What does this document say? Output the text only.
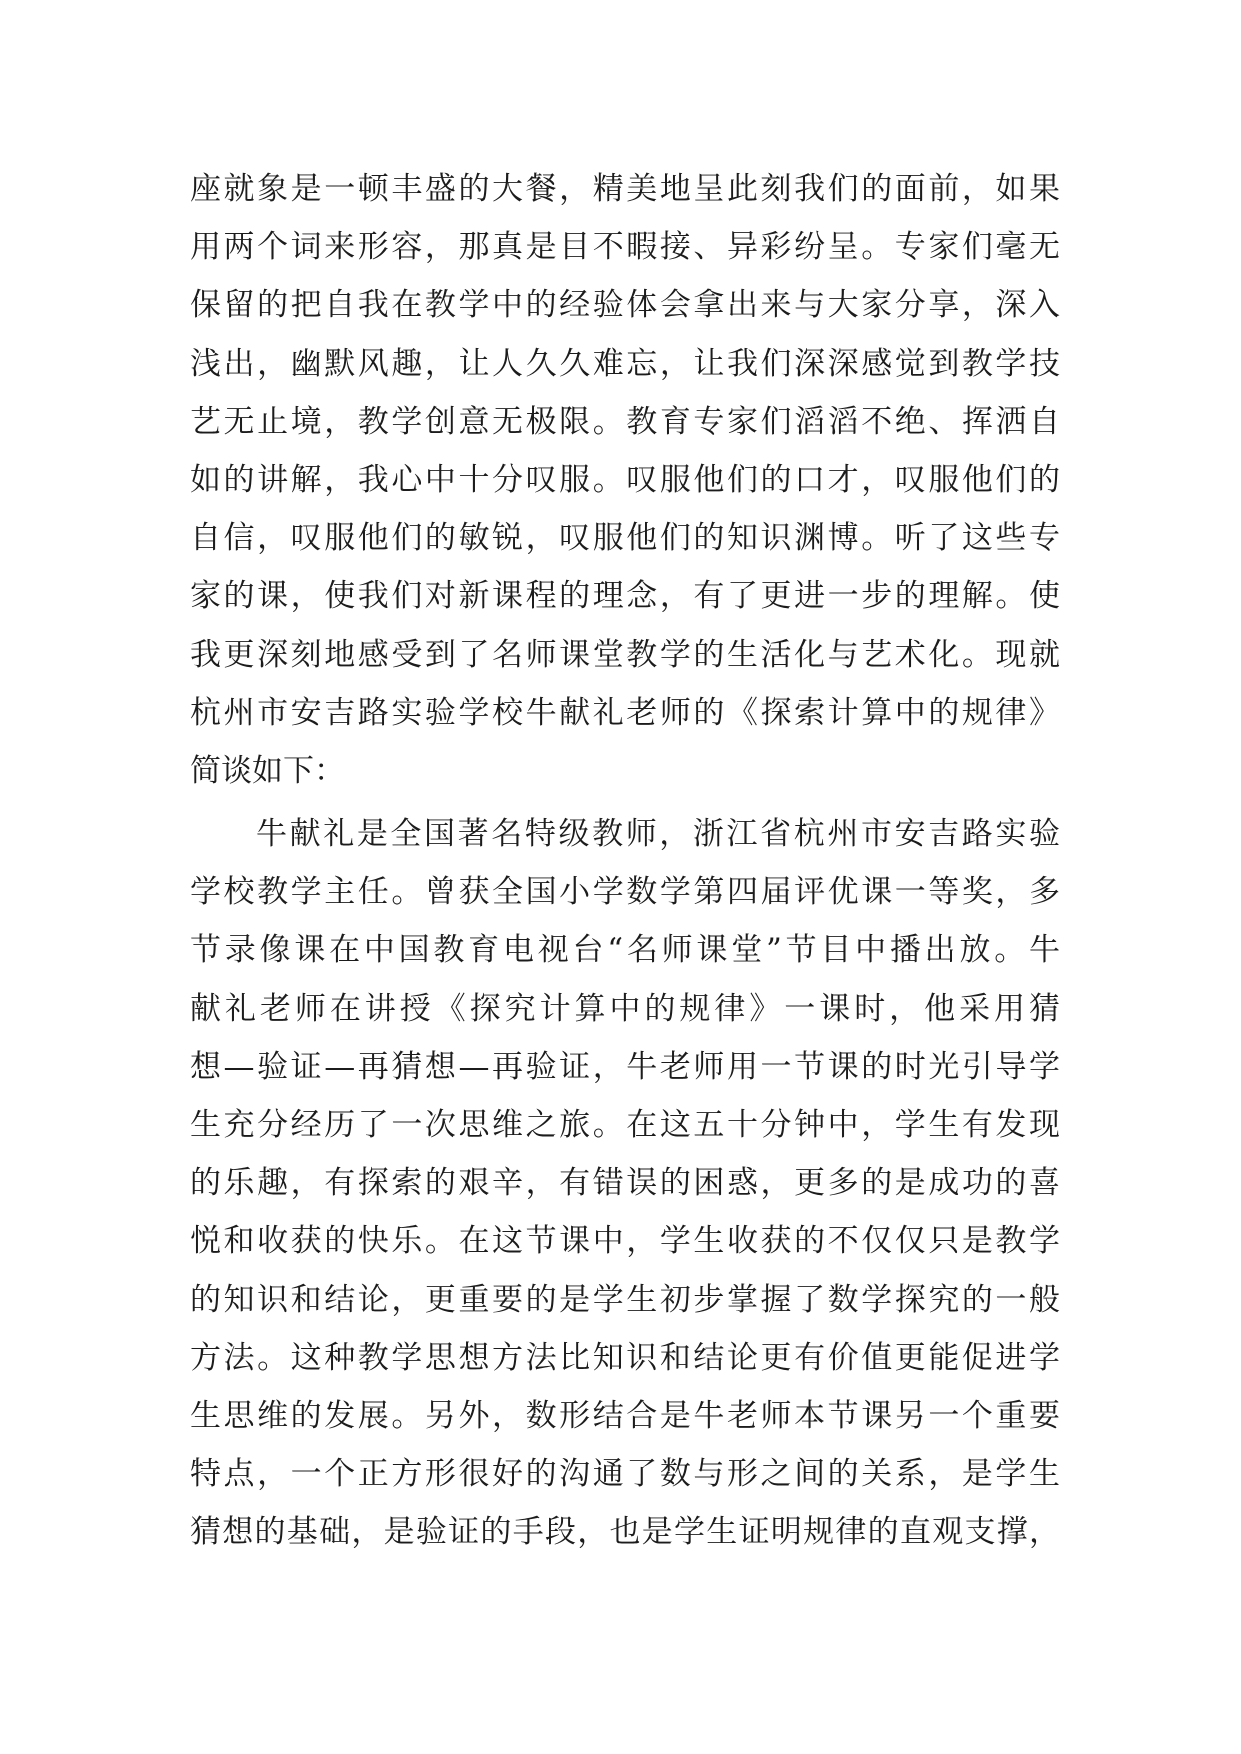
座就象是一顿丰盛的大餐，精美地呈此刻我们的面前，如果
用两个词来形容，那真是目不暇接、异彩纷呈。专家们毫无
保留的把自我在教学中的经验体会拿出来与大家分享，深入
浅出，幽默风趣，让人久久难忘，让我们深深感觉到教学技
艺无止境，教学创意无极限。教育专家们滔滔不绝、挥洒自
如的讲解，我心中十分叹服。叹服他们的口才，叹服他们的
自信，叹服他们的敏锐，叹服他们的知识渊博。听了这些专
家的课，使我们对新课程的理念，有了更进一步的理解。使
我更深刻地感受到了名师课堂教学的生活化与艺术化。现就
杭州市安吉路实验学校牛献礼老师的《探索计算中的规律》
简谈如下：
牛献礼是全国著名特级教师，浙江省杭州市安吉路实验
学校教学主任。曾获全国小学数学第四届评优课一等奖，多
节录像课在中国教育电视台“名师课堂”节目中播出放。牛
献礼老师在讲授《探究计算中的规律》一课时，他采用猜
想—验证—再猜想—再验证，牛老师用一节课的时光引导学
生充分经历了一次思维之旅。在这五十分钟中，学生有发现
的乐趣，有探索的艰辛，有错误的困惑，更多的是成功的喜
悦和收获的快乐。在这节课中，学生收获的不仅仅只是教学
的知识和结论，更重要的是学生初步掌握了数学探究的一般
方法。这种教学思想方法比知识和结论更有价值更能促进学
生思维的发展。另外，数形结合是牛老师本节课另一个重要
特点，一个正方形很好的沟通了数与形之间的关系，是学生
猜想的基础，是验证的手段，也是学生证明规律的直观支撑，
